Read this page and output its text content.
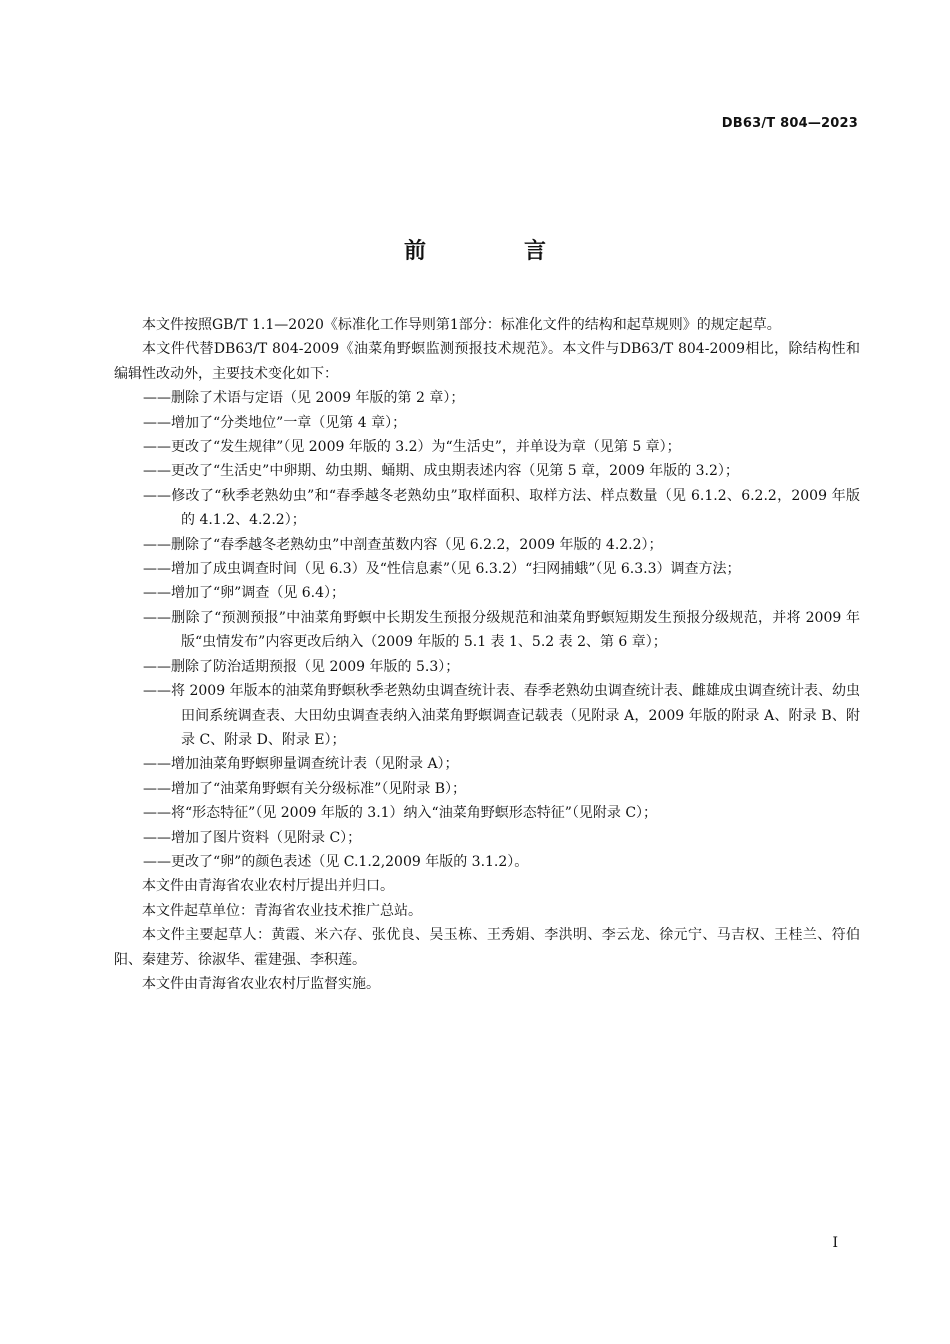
DB63/T 804—2023
前　言

本文件按照GB/T 1.1—2020《标准化工作导则第1部分：标准化文件的结构和起草规则》的规定起草。

本文件代替DB63/T 804-2009《油菜角野螟监测预报技术规范》。本文件与DB63/T 804-2009相比，除结构性和编辑性改动外，主要技术变化如下：

——删除了术语与定语（见 2009 年版的第 2 章）；

——增加了“分类地位”一章（见第 4 章）；

——更改了“发生规律”（见 2009 年版的 3.2）为“生活史”，并单设为章（见第 5 章）；

——更改了“生活史”中卵期、幼虫期、蛹期、成虫期表述内容（见第 5 章，2009 年版的 3.2）；

——修改了“秋季老熟幼虫”和“春季越冬老熟幼虫”取样面积、取样方法、样点数量（见 6.1.2、6.2.2，2009 年版的 4.1.2、4.2.2）；

——删除了“春季越冬老熟幼虫”中剖查茧数内容（见 6.2.2，2009 年版的 4.2.2）；

——增加了成虫调查时间（见 6.3）及“性信息素”（见 6.3.2）“扫网捕蛾”（见 6.3.3）调查方法；

——增加了“卵”调查（见 6.4）；

——删除了“预测预报”中油菜角野螟中长期发生预报分级规范和油菜角野螟短期发生预报分级规范，并将 2009 年版“虫情发布”内容更改后纳入（2009 年版的 5.1 表 1、5.2 表 2、第 6 章）；

——删除了防治适期预报（见 2009 年版的 5.3）；

——将 2009 年版本的油菜角野螟秋季老熟幼虫调查统计表、春季老熟幼虫调查统计表、雌雄成虫调查统计表、幼虫田间系统调查表、大田幼虫调查表纳入油菜角野螟调查记载表（见附录 A，2009 年版的附录 A、附录 B、附录 C、附录 D、附录 E）；

——增加油菜角野螟卵量调查统计表（见附录 A）；

——增加了“油菜角野螟有关分级标准”（见附录 B）；

——将“形态特征”（见 2009 年版的 3.1）纳入“油菜角野螟形态特征”（见附录 C）；

——增加了图片资料（见附录 C）；

——更改了“卵”的颜色表述（见 C.1.2,2009 年版的 3.1.2）。

本文件由青海省农业农村厅提出并归口。

本文件起草单位：青海省农业技术推广总站。

本文件主要起草人：黄霞、米六存、张优良、吴玉栋、王秀娟、李洪明、李云龙、徐元宁、马吉权、王桂兰、符伯阳、秦建芳、徐淑华、霍建强、李积莲。

本文件由青海省农业农村厅监督实施。

I
